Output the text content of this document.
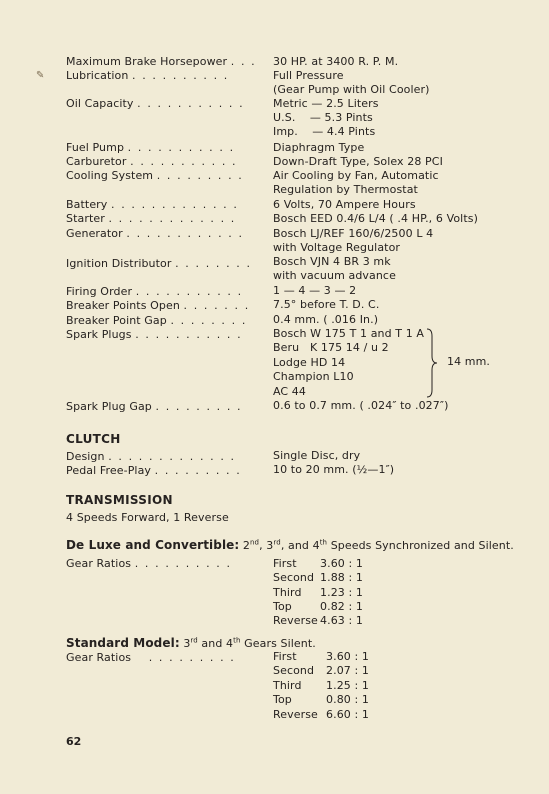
✎
Maximum Brake Horsepower . . . 30 HP. at 3400 R. P. M.
Lubrication . . . . . . . . . .	Full Pressure
(Gear Pump with Oil Cooler)
Oil Capacity . . . . . . . . . . .	Metric — 2.5 Liters
U.S.    — 5.3 Pints
Imp.    — 4.4 Pints
Fuel Pump . . . . . . . . . . .	Diaphragm Type
Carburetor . . . . . . . . . . .	Down-Draft Type, Solex 28 PCI
Cooling System . . . . . . . . .	Air Cooling by Fan, Automatic
Regulation by Thermostat
Battery . . . . . . . . . . . . .	6 Volts, 70 Ampere Hours
Starter . . . . . . . . . . . . .	Bosch EED 0.4/6 L/4 ( .4 HP., 6 Volts)
Generator . . . . . . . . . . . .	Bosch LJ/REF 160/6/2500 L 4
with Voltage Regulator
Ignition Distributor . . . . . . . . Bosch VJN 4 BR 3 mk
with vacuum advance
Firing Order . . . . . . . . . . .	1 — 4 — 3 — 2
Breaker Points Open . . . . . . . 7.5° before T. D. C.
Breaker Point Gap . . . . . . . . 0.4 mm. ( .016 In.)
Spark Plugs . . . . . . . . . . .	Bosch W 175 T 1 and T 1 A
Beru   K 175 14 / u 2
Lodge HD 14
Champion L10
AC 44
14 mm.
Spark Plug Gap . . . . . . . . .	0.6 to 0.7 mm. ( .024″ to .027″)
CLUTCH
Design . . . . . . . . . . . . .	Single Disc, dry
Pedal Free-Play . . . . . . . . .	10 to 20 mm. (½—1″)
TRANSMISSION
4 Speeds Forward, 1 Reverse
De Luxe and Convertible: 2nd, 3rd, and 4th Speeds Synchronized and Silent.
Gear Ratios . . . . . . . . . .	First 3.60 : 1
Second 1.88 : 1
Third 1.23 : 1
Top	0.82 : 1
Reverse 4.63 : 1
Standard Model: 3rd and 4th Gears Silent.
Gear Ratios . . . . . . . . .	First	3.60 : 1
Second 2.07 : 1
Third 1.25 : 1
Top	0.80 : 1
Reverse 6.60 : 1
62
